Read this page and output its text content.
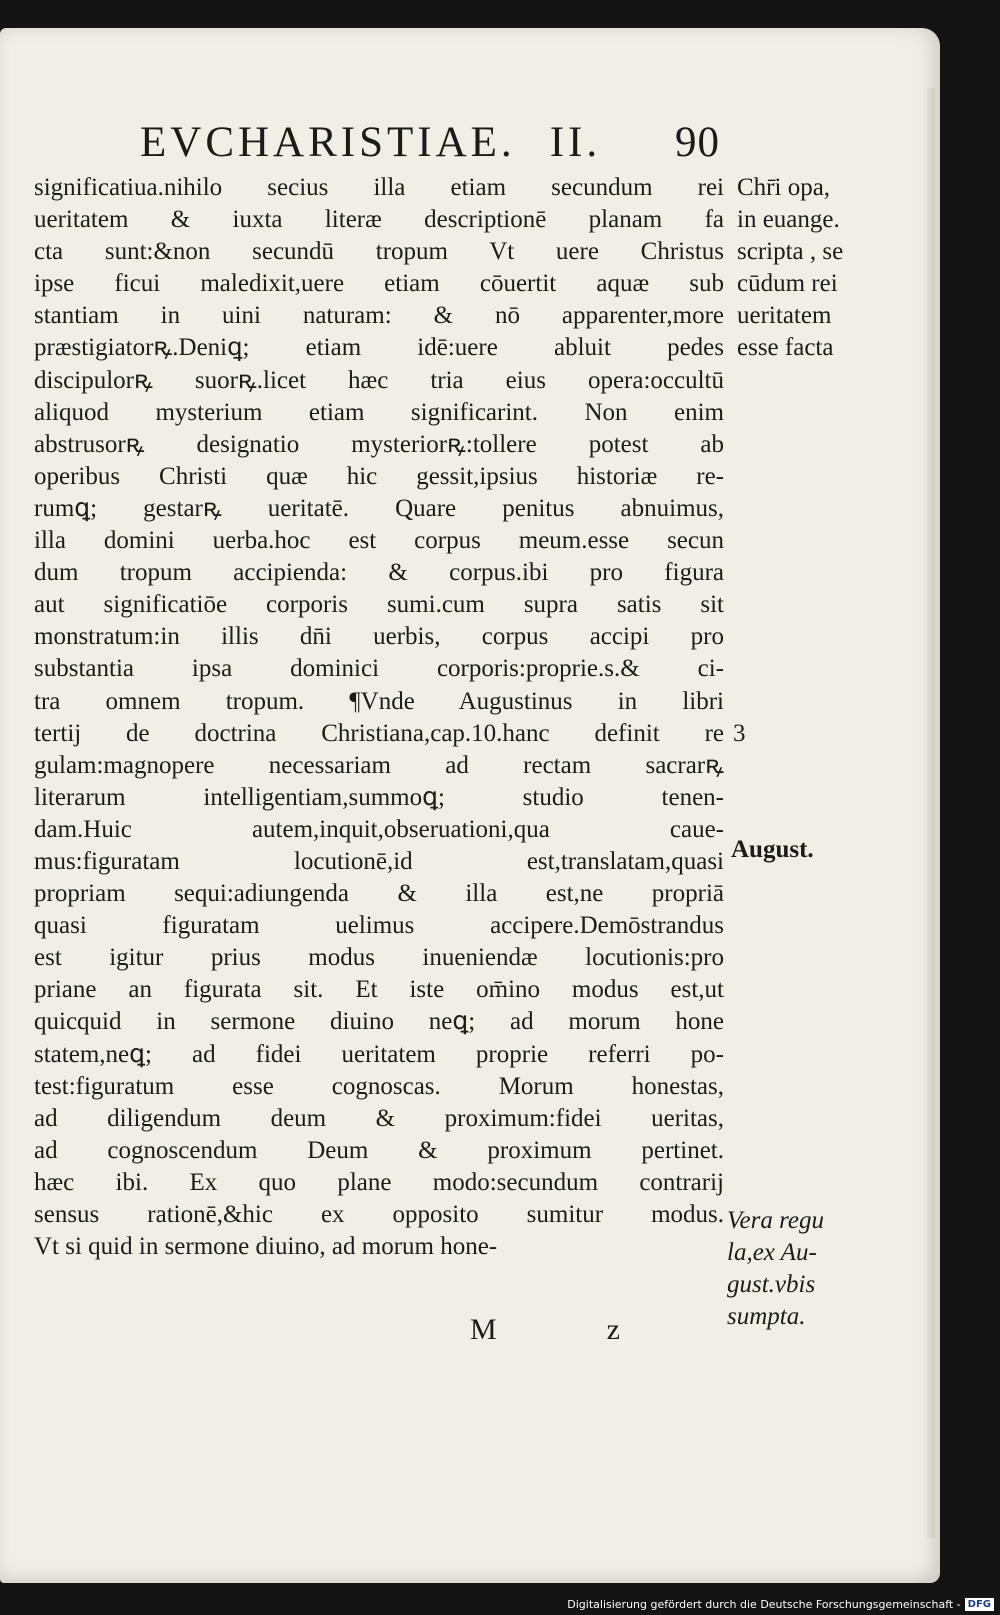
EVCHARISTIAE. II. 90
significatiua.nihilo secius illa etiam secundum rei
ueritatem & iuxta literæ descriptionē planam fa
cta sunt:&non secundū tropum Vt uere Christus
ipse ficui maledixit,uere etiam cōuertit aquæ sub
stantiam in uini naturam: & nō apparenter,more
præstigiatorꝶ.Deniꝗ; etiam idē:uere abluit pedes
discipulorꝶ suorꝶ.licet hæc tria eius opera:occultū
aliquod mysterium etiam significarint. Non enim
abstrusorꝶ designatio mysteriorꝶ:tollere potest ab
operibus Christi quæ hic gessit,ipsius historiæ re-
rumꝗ; gestarꝶ ueritatē. Quare penitus abnuimus,
illa domini uerba.hoc est corpus meum.esse secun
dum tropum accipienda: & corpus.ibi pro figura
aut significatiōe corporis sumi.cum supra satis sit
monstratum:in illis dn̄i uerbis, corpus accipi pro
substantia ipsa dominici corporis:proprie.s.& ci-
tra omnem tropum. ¶Vnde Augustinus in libri
tertij de doctrina Christiana,cap.10.hanc definit re
gulam:magnopere necessariam ad rectam sacrarꝶ
literarum intelligentiam,summoꝗ; studio tenen-
dam.Huic autem,inquit,obseruationi,qua caue-
mus:figuratam locutionē,id est,translatam,quasi
propriam sequi:adiungenda & illa est,ne propriā
quasi figuratam uelimus accipere.Demōstrandus
est igitur prius modus inueniendæ locutionis:pro
priane an figurata sit. Et iste om̄ino modus est,ut
quicquid in sermone diuino neꝗ; ad morum hone
statem,neꝗ; ad fidei ueritatem proprie referri po-
test:figuratum esse cognoscas. Morum honestas,
ad diligendum deum & proximum:fidei ueritas,
ad cognoscendum Deum & proximum pertinet.
hæc ibi. Ex quo plane modo:secundum contrarij
sensus rationē,&hic ex opposito sumitur modus.
Vt si quid in sermone diuino, ad morum hone-
M	z
Chr̄i opa,
in euange.
scripta , se
cūdum rei
ueritatem
esse facta
3
August.
Vera regu
la,ex Au-
gust.vbis
sumpta.
Digitalisierung gefördert durch die Deutsche Forschungsgemeinschaft - DFG
